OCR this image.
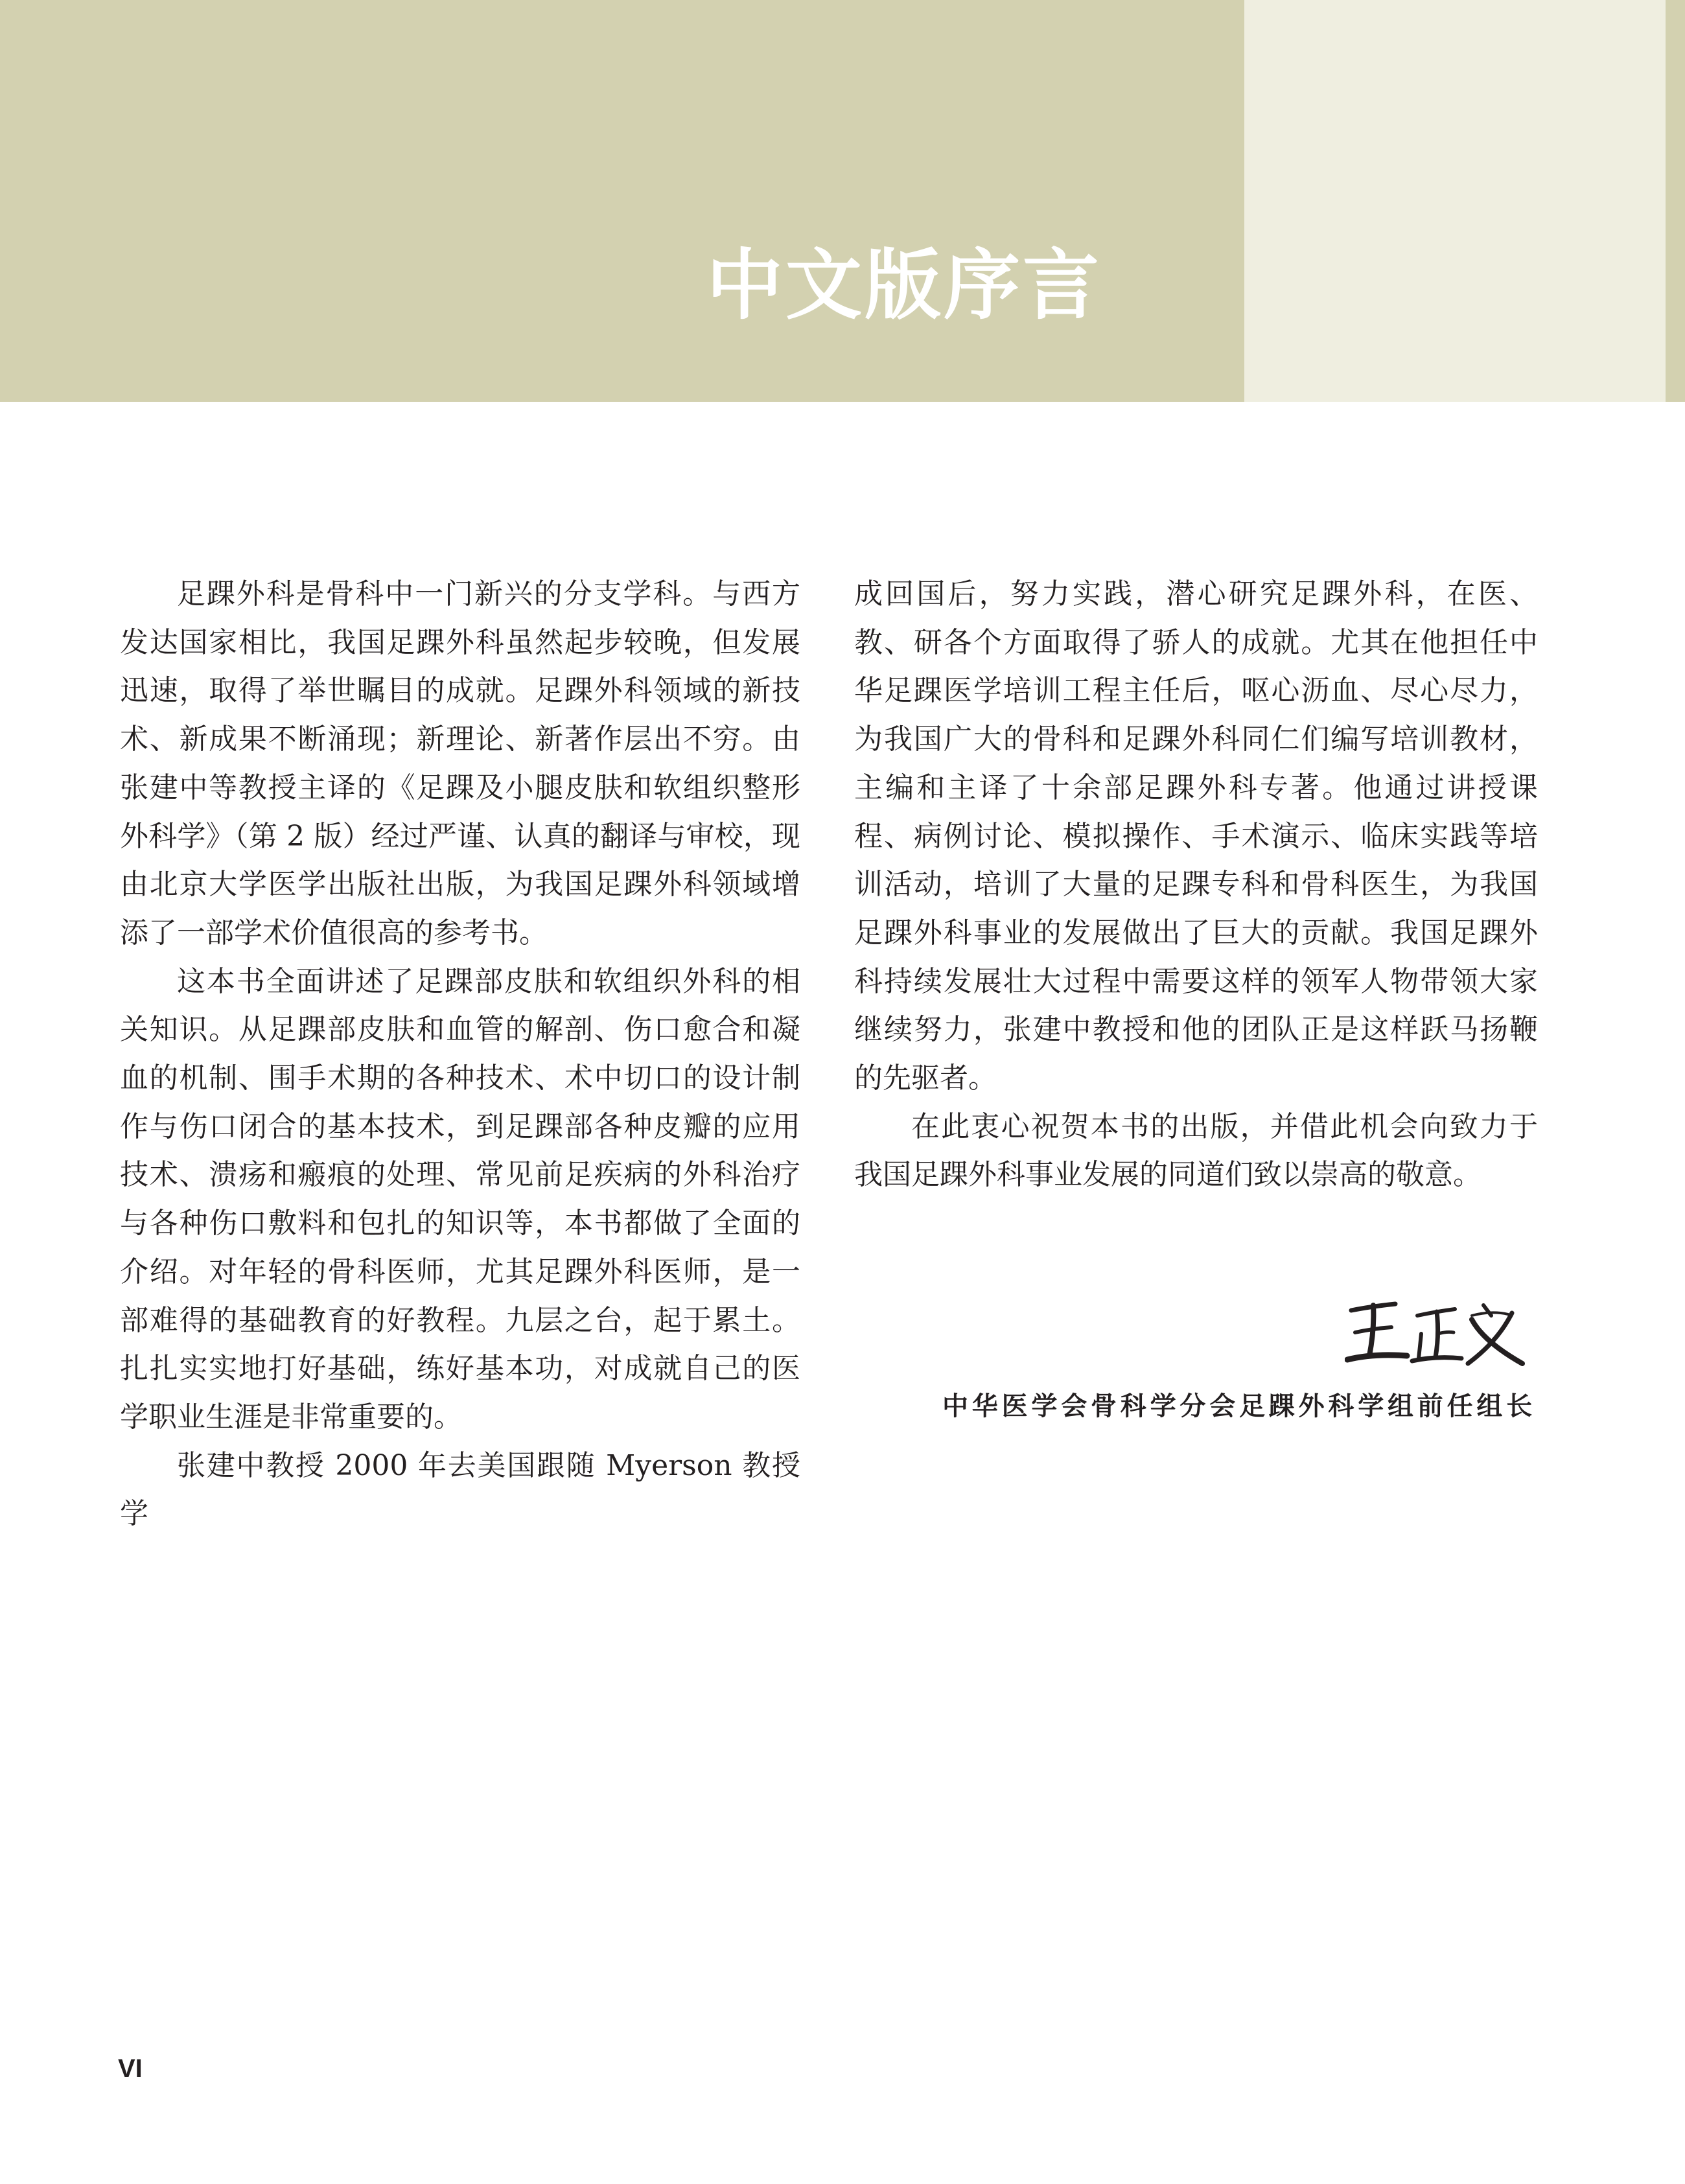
中文版序言

足踝外科是骨科中一门新兴的分支学科。与西方发达国家相比，我国足踝外科虽然起步较晚，但发展迅速，取得了举世瞩目的成就。足踝外科领域的新技术、新成果不断涌现；新理论、新著作层出不穷。由张建中等教授主译的《足踝及小腿皮肤和软组织整形外科学》（第 2 版）经过严谨、认真的翻译与审校，现由北京大学医学出版社出版，为我国足踝外科领域增添了一部学术价值很高的参考书。

这本书全面讲述了足踝部皮肤和软组织外科的相关知识。从足踝部皮肤和血管的解剖、伤口愈合和凝血的机制、围手术期的各种技术、术中切口的设计制作与伤口闭合的基本技术，到足踝部各种皮瓣的应用技术、溃疡和瘢痕的处理、常见前足疾病的外科治疗与各种伤口敷料和包扎的知识等，本书都做了全面的介绍。对年轻的骨科医师，尤其足踝外科医师，是一部难得的基础教育的好教程。九层之台，起于累土。扎扎实实地打好基础，练好基本功，对成就自己的医学职业生涯是非常重要的。

张建中教授 2000 年去美国跟随 Myerson 教授学

成回国后，努力实践，潜心研究足踝外科，在医、教、研各个方面取得了骄人的成就。尤其在他担任中华足踝医学培训工程主任后，呕心沥血、尽心尽力，为我国广大的骨科和足踝外科同仁们编写培训教材，主编和主译了十余部足踝外科专著。他通过讲授课程、病例讨论、模拟操作、手术演示、临床实践等培训活动，培训了大量的足踝专科和骨科医生，为我国足踝外科事业的发展做出了巨大的贡献。我国足踝外科持续发展壮大过程中需要这样的领军人物带领大家继续努力，张建中教授和他的团队正是这样跃马扬鞭的先驱者。

在此衷心祝贺本书的出版，并借此机会向致力于我国足踝外科事业发展的同道们致以崇高的敬意。

中华医学会骨科学分会足踝外科学组前任组长

VI
